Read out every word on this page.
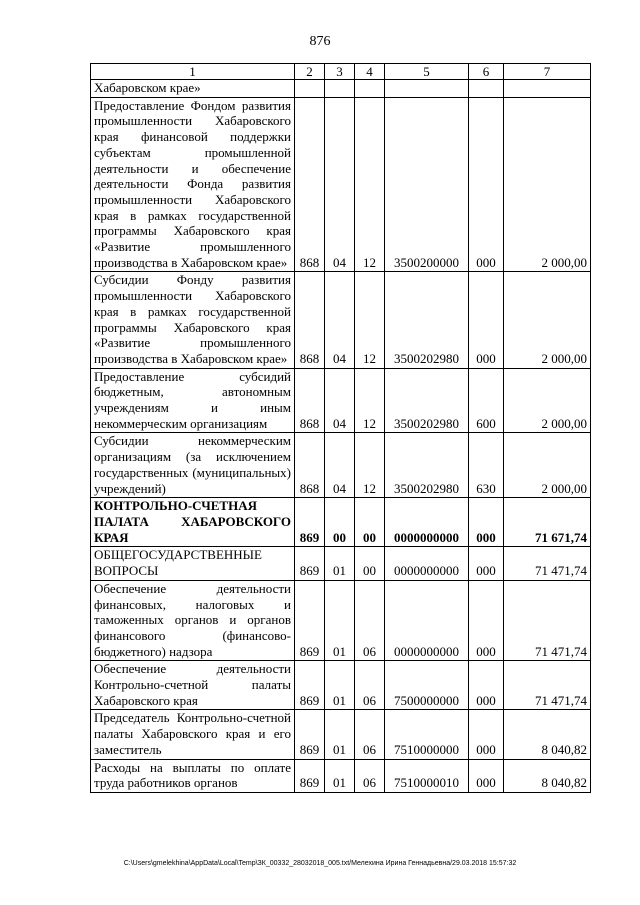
876
1	2	3	4	5	6	7
Хабаровском крае»						
Предоставление Фондом развития промышленности Хабаровского края финансовой поддержки субъектам промышленной деятельности и обеспечение деятельности Фонда развития промышленности Хабаровского края в рамках государственной программы Хабаровского края «Развитие промышленного производства в Хабаровском крае»	868	04	12	3500200000	000	2 000,00
Субсидии Фонду развития промышленности Хабаровского края в рамках государственной программы Хабаровского края «Развитие промышленного производства в Хабаровском крае»	868	04	12	3500202980	000	2 000,00
Предоставление субсидий бюджетным, автономным учреждениям и иным некоммерческим организациям	868	04	12	3500202980	600	2 000,00
Субсидии некоммерческим организациям (за исключением государственных (муниципальных) учреждений)	868	04	12	3500202980	630	2 000,00
КОНТРОЛЬНО-СЧЕТНАЯ ПАЛАТА ХАБАРОВСКОГО КРАЯ	869	00	00	0000000000	000	71 671,74
ОБЩЕГОСУДАРСТВЕННЫЕ ВОПРОСЫ	869	01	00	0000000000	000	71 471,74
Обеспечение деятельности финансовых, налоговых и таможенных органов и органов финансового (финансово-бюджетного) надзора	869	01	06	0000000000	000	71 471,74
Обеспечение деятельности Контрольно-счетной палаты Хабаровского края	869	01	06	7500000000	000	71 471,74
Председатель Контрольно-счетной палаты Хабаровского края и его заместитель	869	01	06	7510000000	000	8 040,82
Расходы на выплаты по оплате труда работников органов	869	01	06	7510000010	000	8 040,82
C:\Users\gmelekhina\AppData\Local\Temp\ЗК_00332_28032018_005.txt/Мелехина Ирина Геннадьевна/29.03.2018 15:57:32
